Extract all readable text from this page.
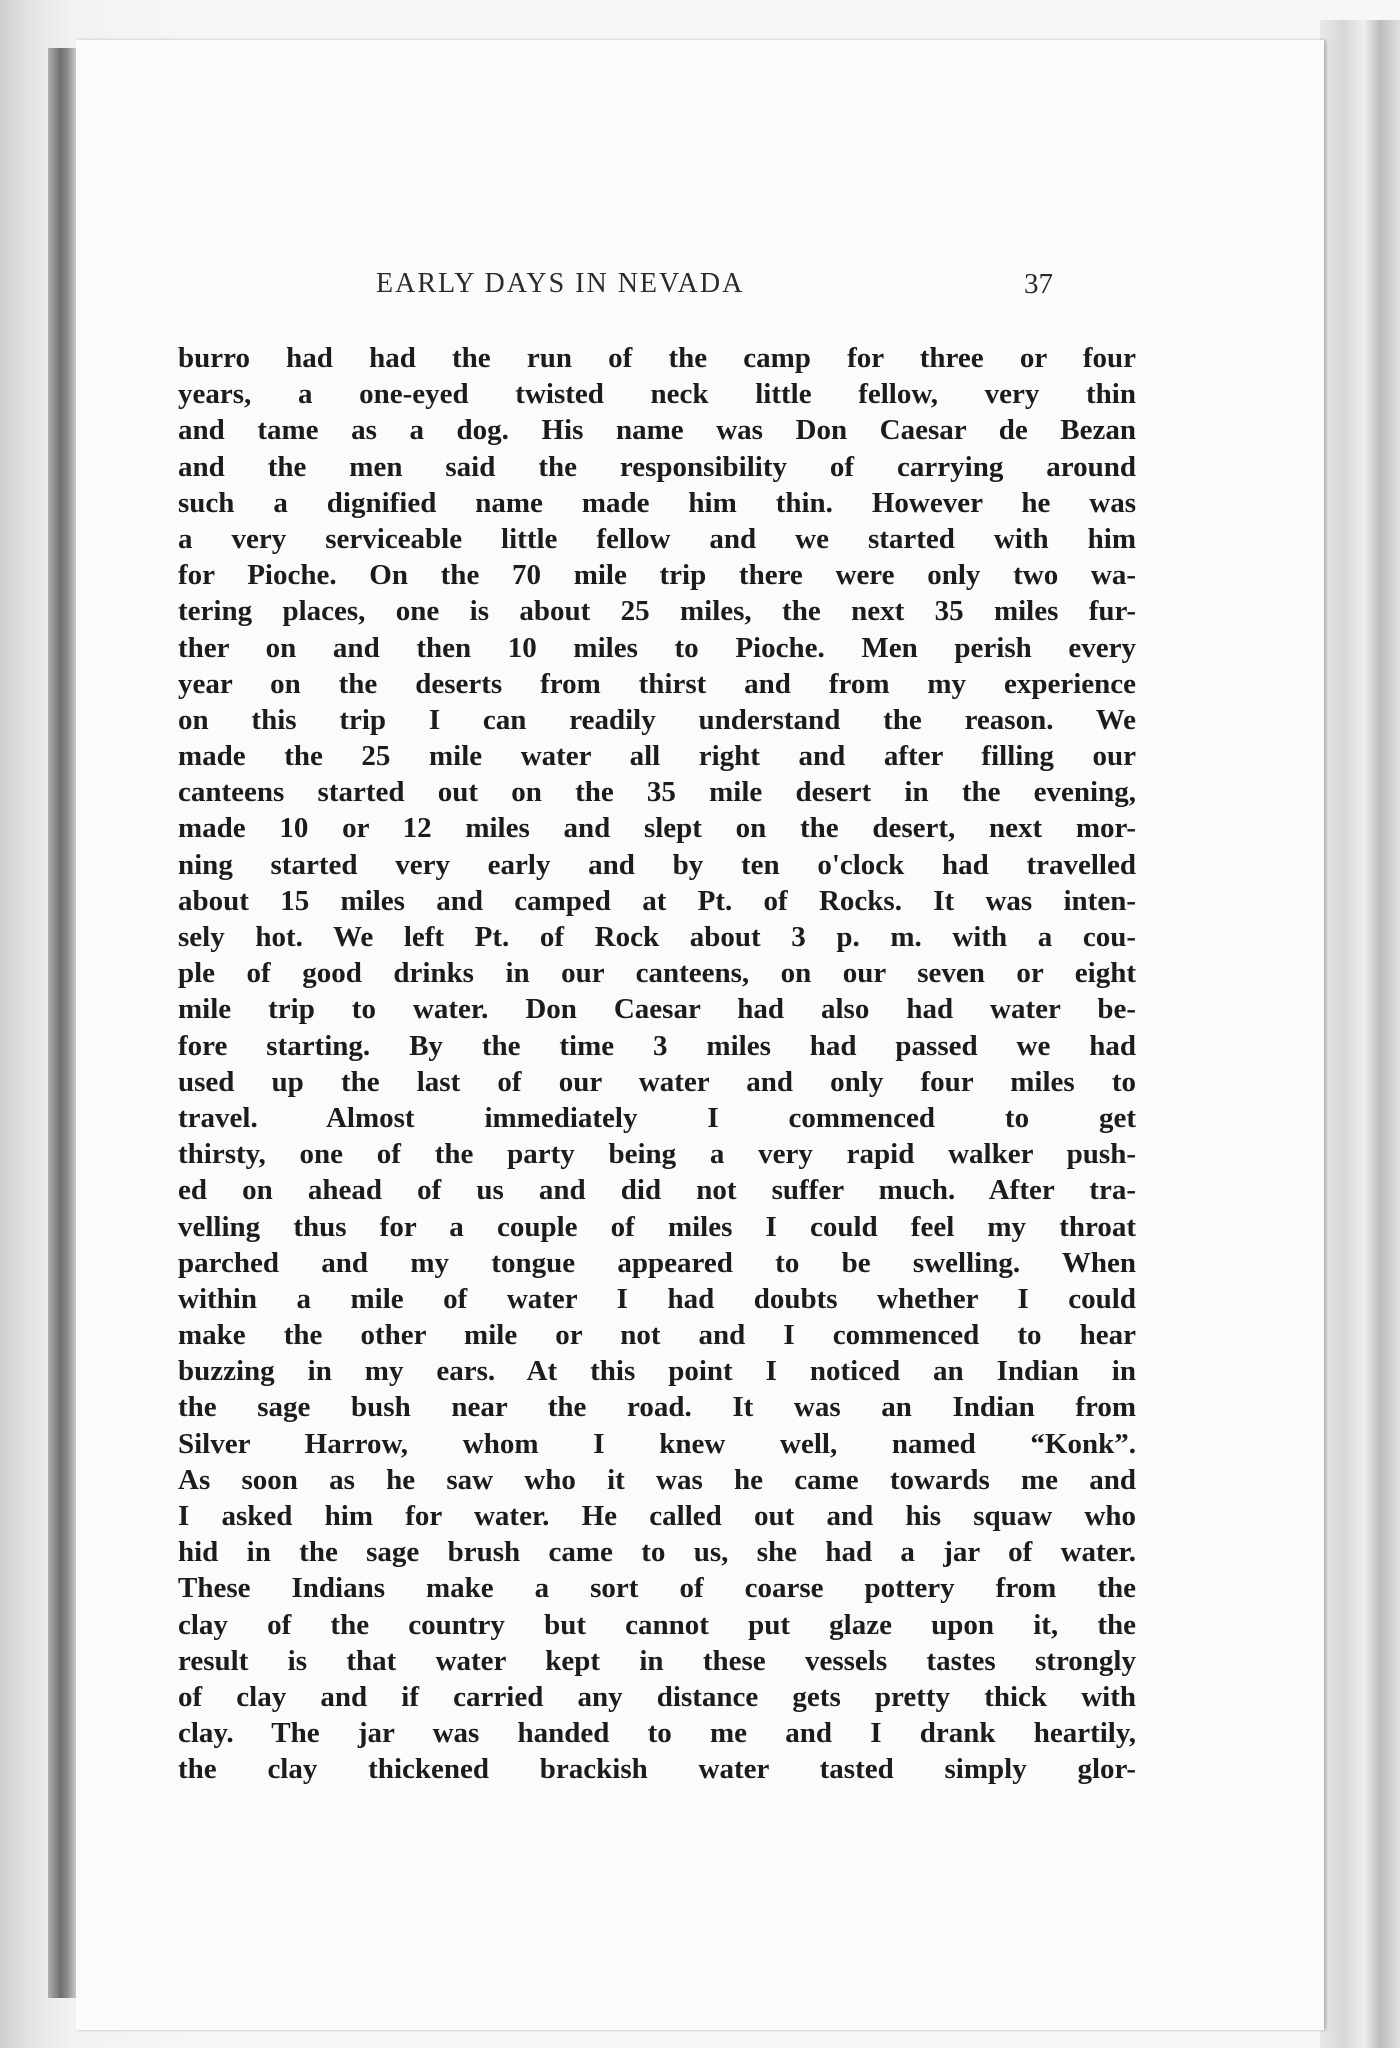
EARLY DAYS IN NEVADA	37
burro had had the run of the camp for three or four
years, a one-eyed twisted neck little fellow, very thin
and tame as a dog. His name was Don Caesar de Bezan
and the men said the responsibility of carrying around
such a dignified name made him thin. However he was
a very serviceable little fellow and we started with him
for Pioche. On the 70 mile trip there were only two wa-
tering places, one is about 25 miles, the next 35 miles fur-
ther on and then 10 miles to Pioche. Men perish every
year on the deserts from thirst and from my experience
on this trip I can readily understand the reason. We
made the 25 mile water all right and after filling our
canteens started out on the 35 mile desert in the evening,
made 10 or 12 miles and slept on the desert, next mor-
ning started very early and by ten o'clock had travelled
about 15 miles and camped at Pt. of Rocks. It was inten-
sely hot. We left Pt. of Rock about 3 p. m. with a cou-
ple of good drinks in our canteens, on our seven or eight
mile trip to water. Don Caesar had also had water be-
fore starting. By the time 3 miles had passed we had
used up the last of our water and only four miles to
travel. Almost immediately I commenced to get
thirsty, one of the party being a very rapid walker push-
ed on ahead of us and did not suffer much. After tra-
velling thus for a couple of miles I could feel my throat
parched and my tongue appeared to be swelling. When
within a mile of water I had doubts whether I could
make the other mile or not and I commenced to hear
buzzing in my ears. At this point I noticed an Indian in
the sage bush near the road. It was an Indian from
Silver Harrow, whom I knew well, named “Konk”.
As soon as he saw who it was he came towards me and
I asked him for water. He called out and his squaw who
hid in the sage brush came to us, she had a jar of water.
These Indians make a sort of coarse pottery from the
clay of the country but cannot put glaze upon it, the
result is that water kept in these vessels tastes strongly
of clay and if carried any distance gets pretty thick with
clay. The jar was handed to me and I drank heartily,
the clay thickened brackish water tasted simply glor-
